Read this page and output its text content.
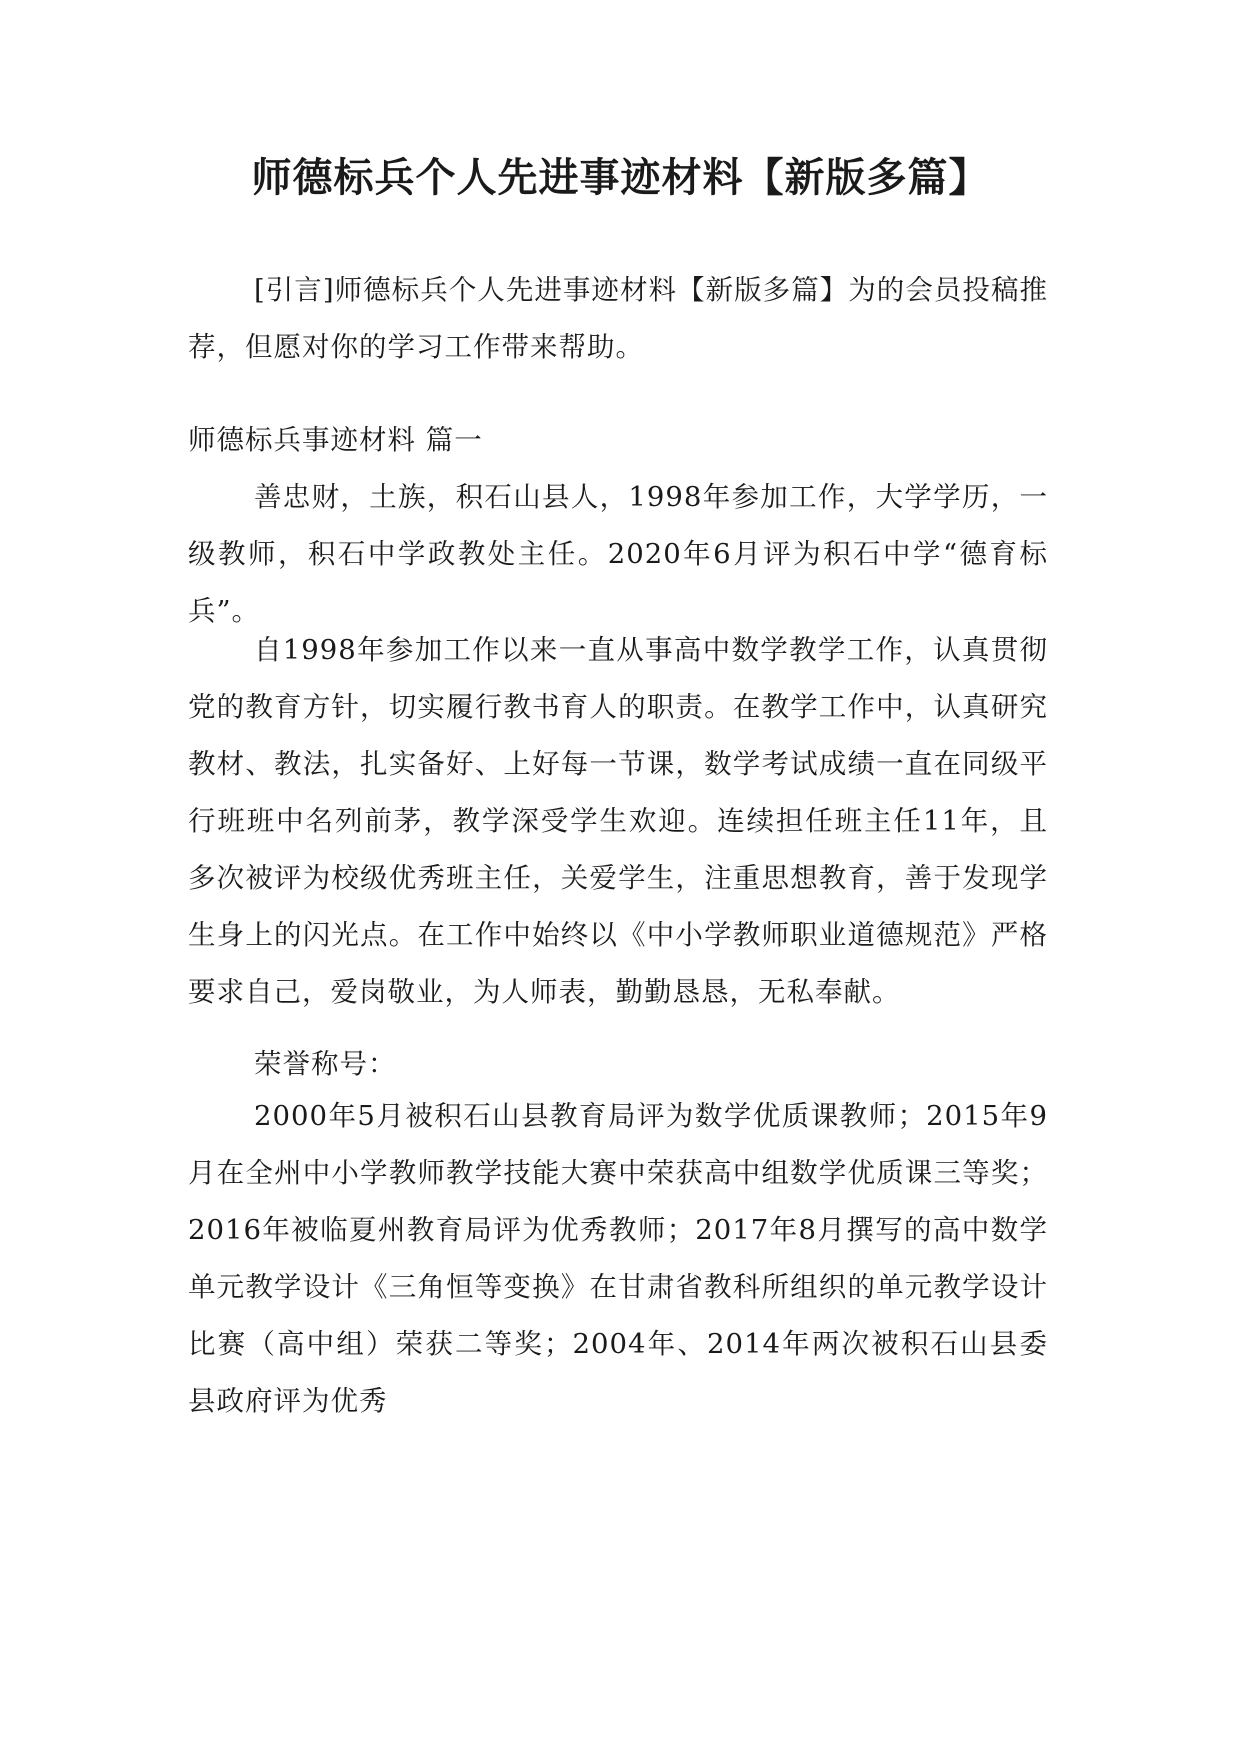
师德标兵个人先进事迹材料【新版多篇】

[引言]师德标兵个人先进事迹材料【新版多篇】为的会员投稿推荐，但愿对你的学习工作带来帮助。

师德标兵事迹材料 篇一

善忠财，土族，积石山县人，1998年参加工作，大学学历，一级教师，积石中学政教处主任。2020年6月评为积石中学“德育标兵”。

自1998年参加工作以来一直从事高中数学教学工作，认真贯彻党的教育方针，切实履行教书育人的职责。在教学工作中，认真研究教材、教法，扎实备好、上好每一节课，数学考试成绩一直在同级平行班班中名列前茅，教学深受学生欢迎。连续担任班主任11年，且多次被评为校级优秀班主任，关爱学生，注重思想教育，善于发现学生身上的闪光点。在工作中始终以《中小学教师职业道德规范》严格要求自己，爱岗敬业，为人师表，勤勤恳恳，无私奉献。

荣誉称号：

2000年5月被积石山县教育局评为数学优质课教师；2015年9月在全州中小学教师教学技能大赛中荣获高中组数学优质课三等奖；2016年被临夏州教育局评为优秀教师；2017年8月撰写的高中数学单元教学设计《三角恒等变换》在甘肃省教科所组织的单元教学设计比赛（高中组）荣获二等奖；2004年、2014年两次被积石山县委县政府评为优秀
